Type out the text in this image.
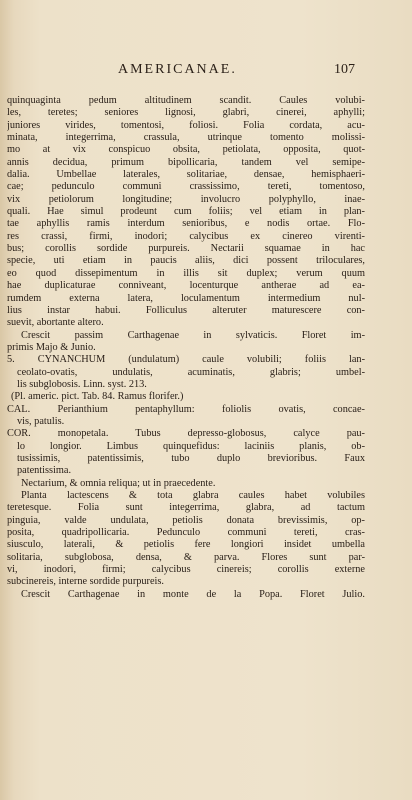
AMERICANAE.	107
quinquaginta pedum altitudinem scandit. Caules volubi-
les, teretes; seniores lignosi, glabri, cinerei, aphylli;
juniores virides, tomentosi, foliosi. Folia cordata, acu-
minata, integerrima, crassula, utrinque tomento molissi-
mo at vix conspicuo obsita, petiolata, opposita, quot-
annis decidua, primum bipollicaria, tandem vel semipe-
dalia. Umbellae laterales, solitariae, densae, hemisphaeri-
cae; pedunculo communi crassissimo, tereti, tomentoso,
vix petiolorum longitudine; involucro polyphyllo, inae-
quali. Hae simul prodeunt cum foliis; vel etiam in plan-
tae aphyllis ramis interdum senioribus, e nodis ortae. Flo-
res crassi, firmi, inodori; calycibus ex cinereo virenti-
bus; corollis sordide purpureis. Nectarii squamae in hac
specie, uti etiam in paucis aliis, dici possent triloculares,
eo quod dissepimentum in illis sit duplex; verum quum
hae duplicaturae conniveant, locenturque antherae ad ea-
rumdem externa latera, loculamentum intermedium nul-
lius instar habui. Folliculus alteruter maturescere con-
suevit, abortante altero.
Crescit passim Carthagenae in sylvaticis. Floret im-
primis Majo & Junio.
5. CYNANCHUM (undulatum) caule volubili; foliis lan-
ceolato-ovatis, undulatis, acuminatis, glabris; umbel-
lis subglobosis. Linn. syst. 213.
(Pl. americ. pict. Tab. 84. Ramus florifer.)
CAL. Perianthium pentaphyllum: foliolis ovatis, concae-
vis, patulis.
COR. monopetala. Tubus depresso-globosus, calyce pau-
lo longior. Limbus quinquefidus: laciniis planis, ob-
tusissimis, patentissimis, tubo duplo brevioribus. Faux
patentissima.
Nectarium, & omnia reliqua; ut in praecedente.
Planta lactescens & tota glabra caules habet volubiles
teretesque. Folia sunt integerrima, glabra, ad tactum
pinguia, valde undulata, petiolis donata brevissimis, op-
posita, quadripollicaria. Pedunculo communi tereti, cras-
siusculo, laterali, & petiolis fere longiori insidet umbella
solitaria, subglobosa, densa, & parva. Flores sunt par-
vi, inodori, firmi; calycibus cinereis; corollis externe
subcinereis, interne sordide purpureis.
Crescit Carthagenae in monte de la Popa. Floret Julio.
